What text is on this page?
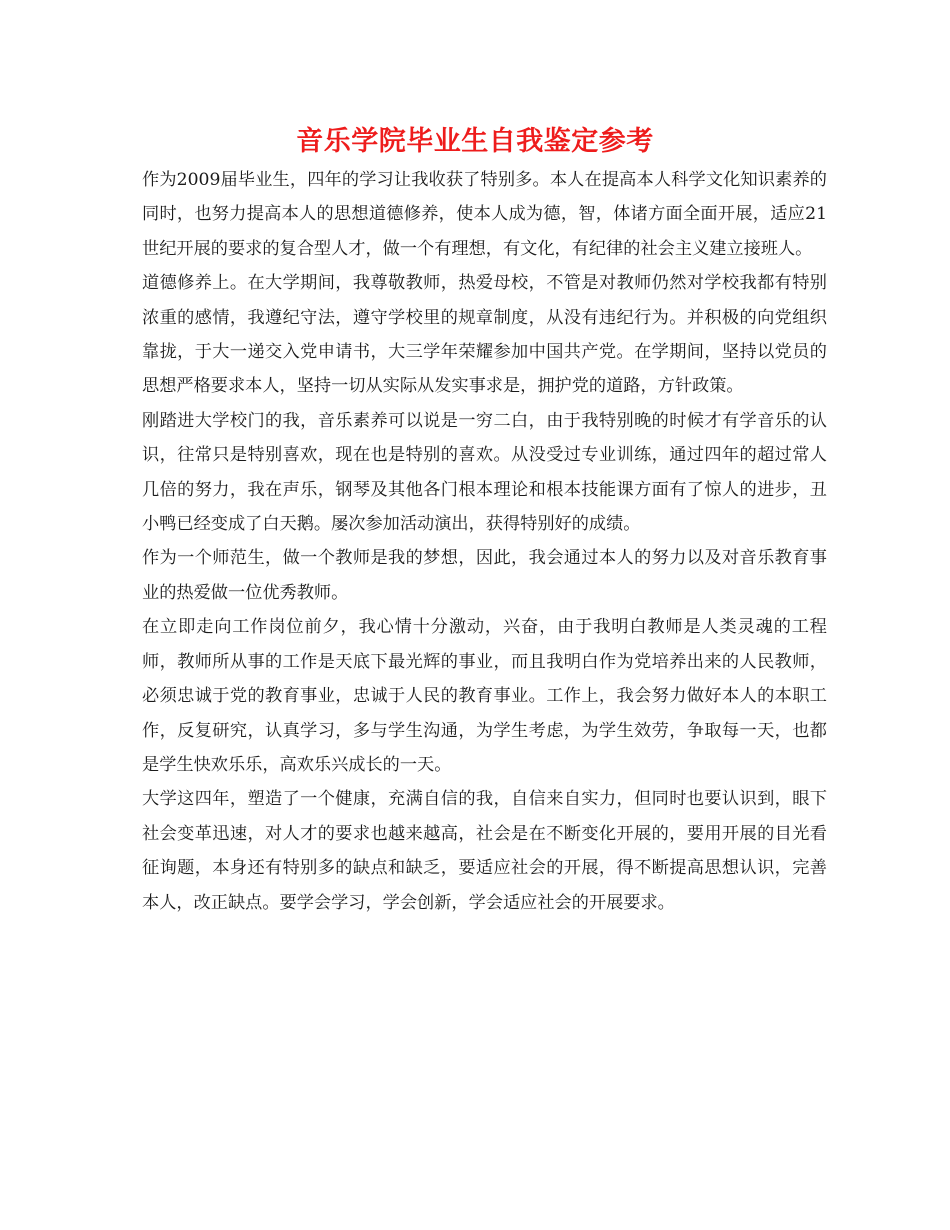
音乐学院毕业生自我鉴定参考

作为2009届毕业生，四年的学习让我收获了特别多。本人在提高本人科学文化知识素养的同时，也努力提高本人的思想道德修养，使本人成为德，智，体诸方面全面开展，适应21世纪开展的要求的复合型人才，做一个有理想，有文化，有纪律的社会主义建立接班人。

道德修养上。在大学期间，我尊敬教师，热爱母校，不管是对教师仍然对学校我都有特别浓重的感情，我遵纪守法，遵守学校里的规章制度，从没有违纪行为。并积极的向党组织靠拢，于大一递交入党申请书，大三学年荣耀参加中国共产党。在学期间，坚持以党员的思想严格要求本人，坚持一切从实际从发实事求是，拥护党的道路，方针政策。

刚踏进大学校门的我，音乐素养可以说是一穷二白，由于我特别晚的时候才有学音乐的认识，往常只是特别喜欢，现在也是特别的喜欢。从没受过专业训练，通过四年的超过常人几倍的努力，我在声乐，钢琴及其他各门根本理论和根本技能课方面有了惊人的进步，丑小鸭已经变成了白天鹅。屡次参加活动演出，获得特别好的成绩。

作为一个师范生，做一个教师是我的梦想，因此，我会通过本人的努力以及对音乐教育事业的热爱做一位优秀教师。

在立即走向工作岗位前夕，我心情十分激动，兴奋，由于我明白教师是人类灵魂的工程师，教师所从事的工作是天底下最光辉的事业，而且我明白作为党培养出来的人民教师，必须忠诚于党的教育事业，忠诚于人民的教育事业。工作上，我会努力做好本人的本职工作，反复研究，认真学习，多与学生沟通，为学生考虑，为学生效劳，争取每一天，也都是学生快欢乐乐，高欢乐兴成长的一天。

大学这四年，塑造了一个健康，充满自信的我，自信来自实力，但同时也要认识到，眼下社会变革迅速，对人才的要求也越来越高，社会是在不断变化开展的，要用开展的目光看征询题，本身还有特别多的缺点和缺乏，要适应社会的开展，得不断提高思想认识，完善本人，改正缺点。要学会学习，学会创新，学会适应社会的开展要求。
